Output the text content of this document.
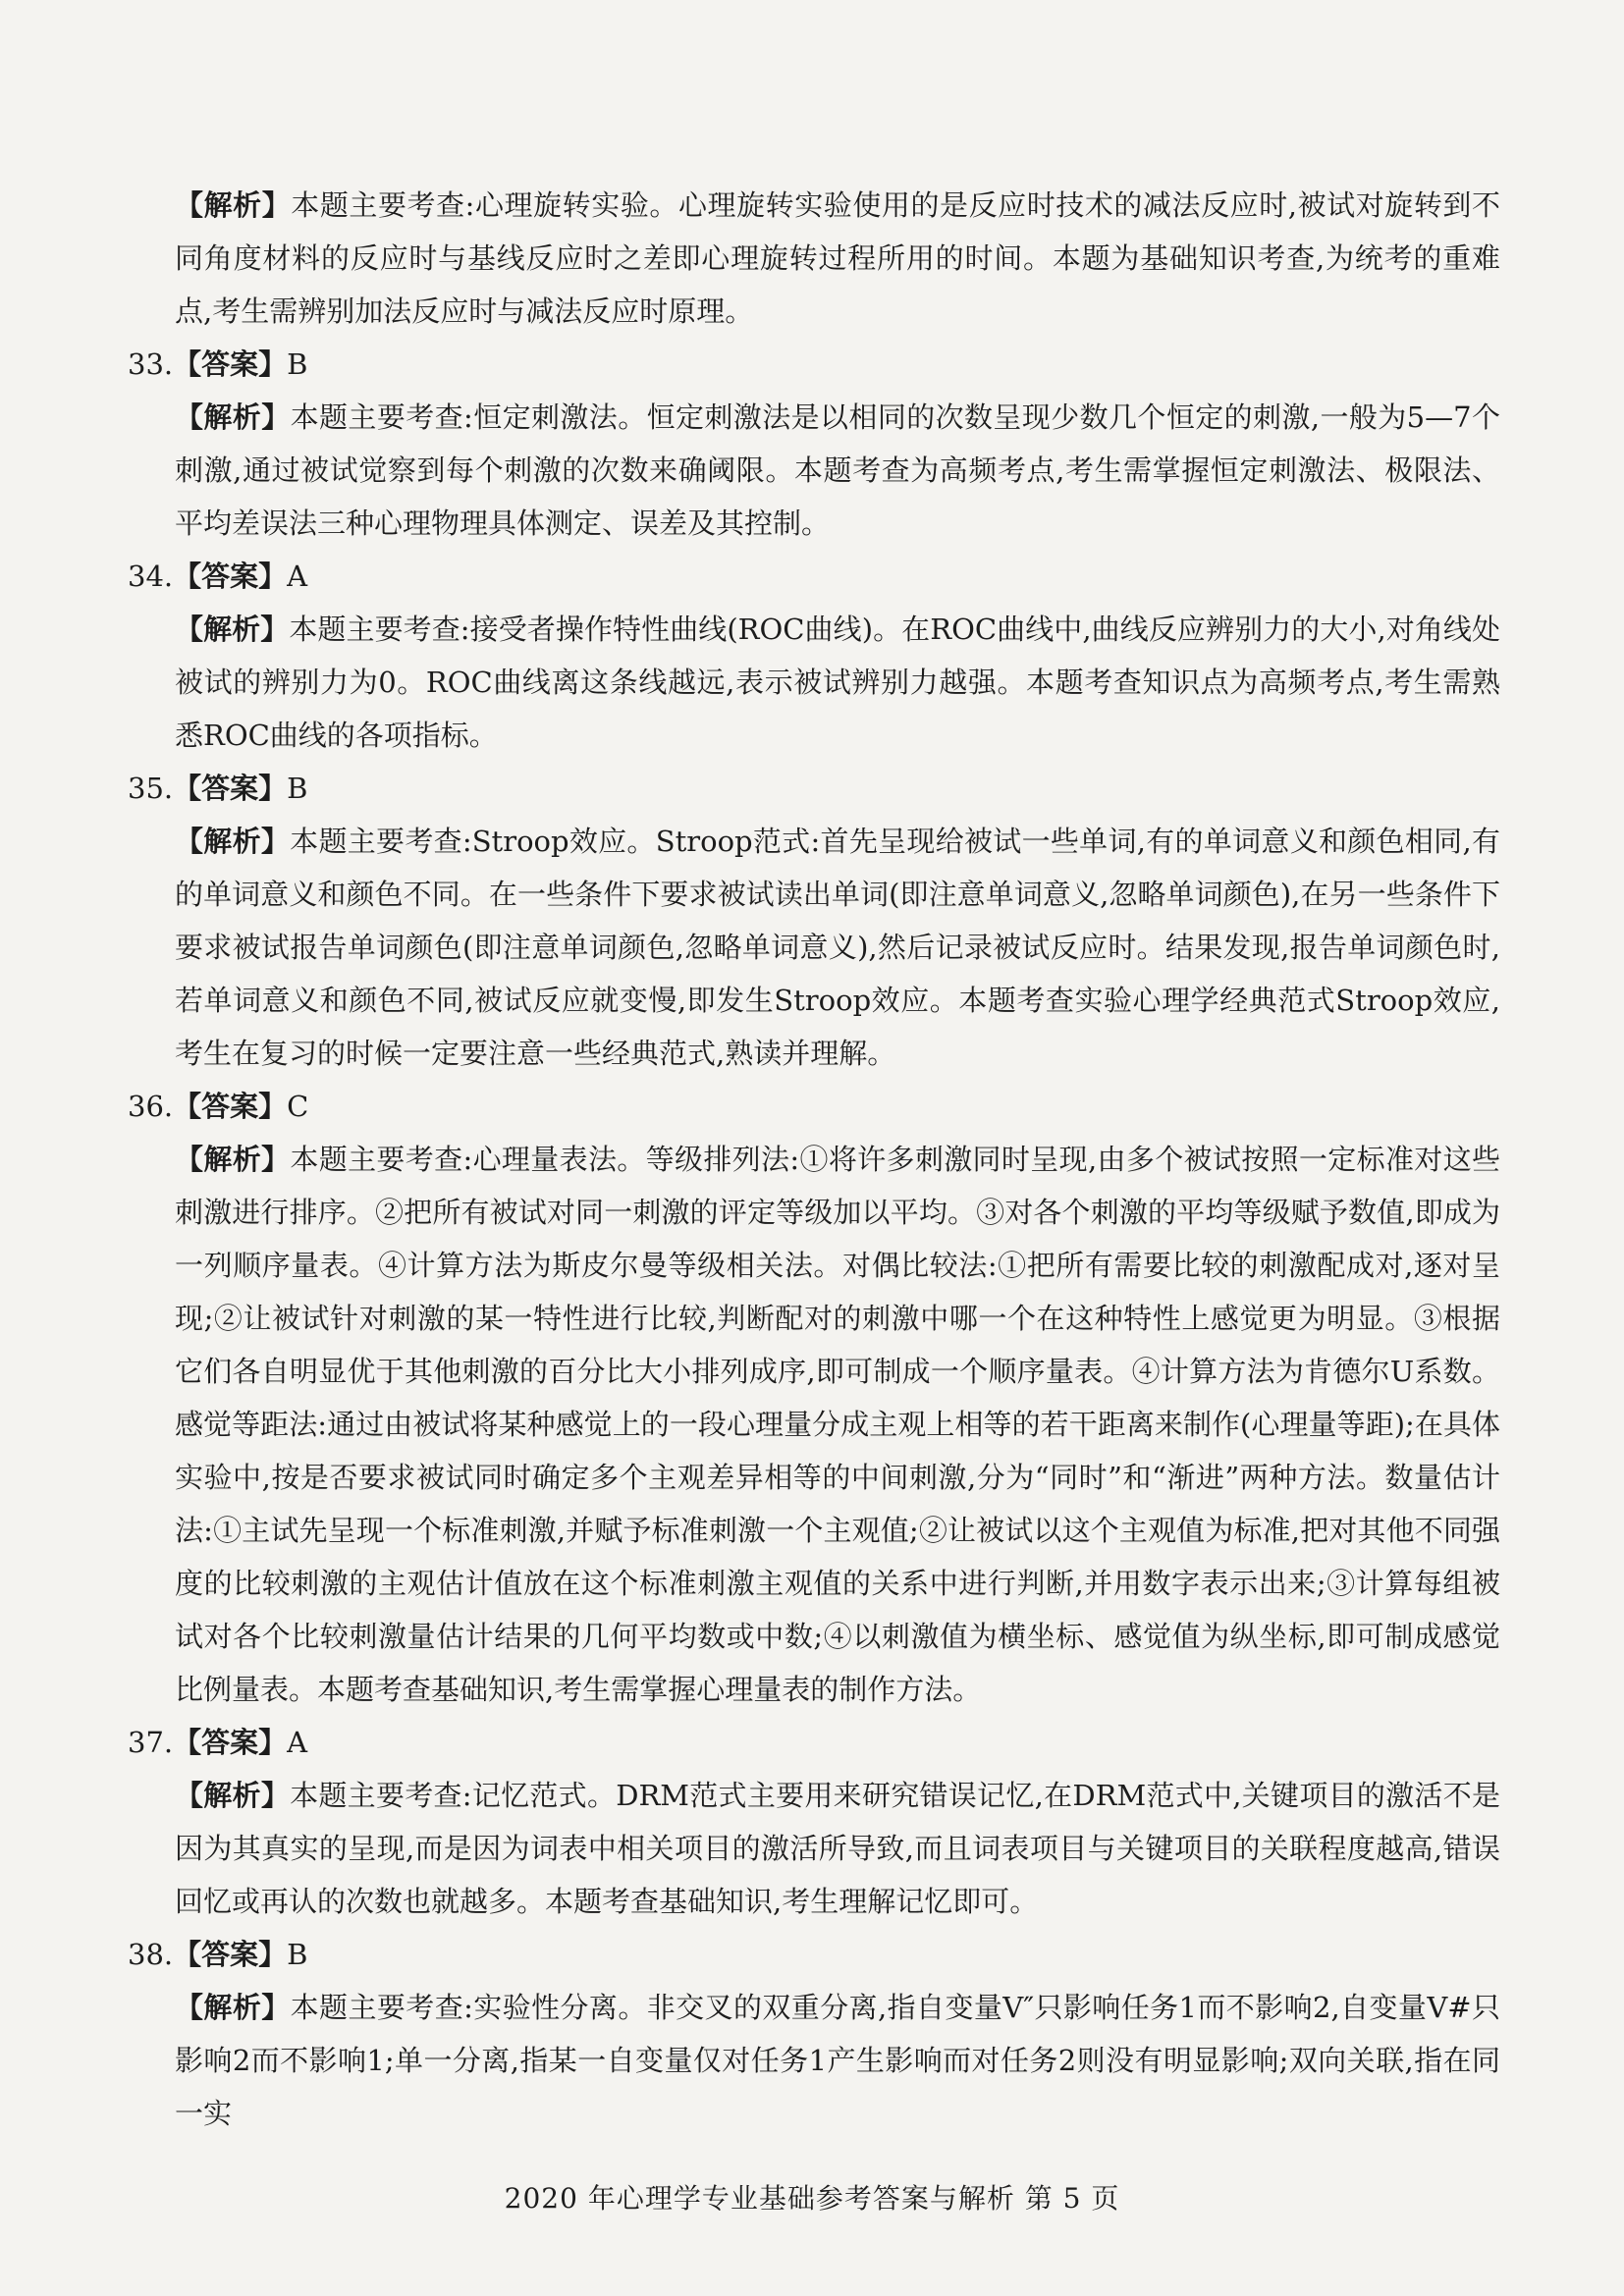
【解析】本题主要考查:心理旋转实验。心理旋转实验使用的是反应时技术的减法反应时,被试对旋转到不同角度材料的反应时与基线反应时之差即心理旋转过程所用的时间。本题为基础知识考查,为统考的重难点,考生需辨别加法反应时与减法反应时原理。

33.【答案】B

【解析】本题主要考查:恒定刺激法。恒定刺激法是以相同的次数呈现少数几个恒定的刺激,一般为5—7个刺激,通过被试觉察到每个刺激的次数来确阈限。本题考查为高频考点,考生需掌握恒定刺激法、极限法、平均差误法三种心理物理具体测定、误差及其控制。

34.【答案】A

【解析】本题主要考查:接受者操作特性曲线(ROC曲线)。在ROC曲线中,曲线反应辨别力的大小,对角线处被试的辨别力为0。ROC曲线离这条线越远,表示被试辨别力越强。本题考查知识点为高频考点,考生需熟悉ROC曲线的各项指标。

35.【答案】B

【解析】本题主要考查:Stroop效应。Stroop范式:首先呈现给被试一些单词,有的单词意义和颜色相同,有的单词意义和颜色不同。在一些条件下要求被试读出单词(即注意单词意义,忽略单词颜色),在另一些条件下要求被试报告单词颜色(即注意单词颜色,忽略单词意义),然后记录被试反应时。结果发现,报告单词颜色时,若单词意义和颜色不同,被试反应就变慢,即发生Stroop效应。本题考查实验心理学经典范式Stroop效应,考生在复习的时候一定要注意一些经典范式,熟读并理解。

36.【答案】C

【解析】本题主要考查:心理量表法。等级排列法:①将许多刺激同时呈现,由多个被试按照一定标准对这些刺激进行排序。②把所有被试对同一刺激的评定等级加以平均。③对各个刺激的平均等级赋予数值,即成为一列顺序量表。④计算方法为斯皮尔曼等级相关法。对偶比较法:①把所有需要比较的刺激配成对,逐对呈现;②让被试针对刺激的某一特性进行比较,判断配对的刺激中哪一个在这种特性上感觉更为明显。③根据它们各自明显优于其他刺激的百分比大小排列成序,即可制成一个顺序量表。④计算方法为肯德尔U系数。感觉等距法:通过由被试将某种感觉上的一段心理量分成主观上相等的若干距离来制作(心理量等距);在具体实验中,按是否要求被试同时确定多个主观差异相等的中间刺激,分为“同时”和“渐进”两种方法。数量估计法:①主试先呈现一个标准刺激,并赋予标准刺激一个主观值;②让被试以这个主观值为标准,把对其他不同强度的比较刺激的主观估计值放在这个标准刺激主观值的关系中进行判断,并用数字表示出来;③计算每组被试对各个比较刺激量估计结果的几何平均数或中数;④以刺激值为横坐标、感觉值为纵坐标,即可制成感觉比例量表。本题考查基础知识,考生需掌握心理量表的制作方法。

37.【答案】A

【解析】本题主要考查:记忆范式。DRM范式主要用来研究错误记忆,在DRM范式中,关键项目的激活不是因为其真实的呈现,而是因为词表中相关项目的激活所导致,而且词表项目与关键项目的关联程度越高,错误回忆或再认的次数也就越多。本题考查基础知识,考生理解记忆即可。

38.【答案】B

【解析】本题主要考查:实验性分离。非交叉的双重分离,指自变量V″只影响任务1而不影响2,自变量V#只影响2而不影响1;单一分离,指某一自变量仅对任务1产生影响而对任务2则没有明显影响;双向关联,指在同一实

2020 年心理学专业基础参考答案与解析 第 5 页
